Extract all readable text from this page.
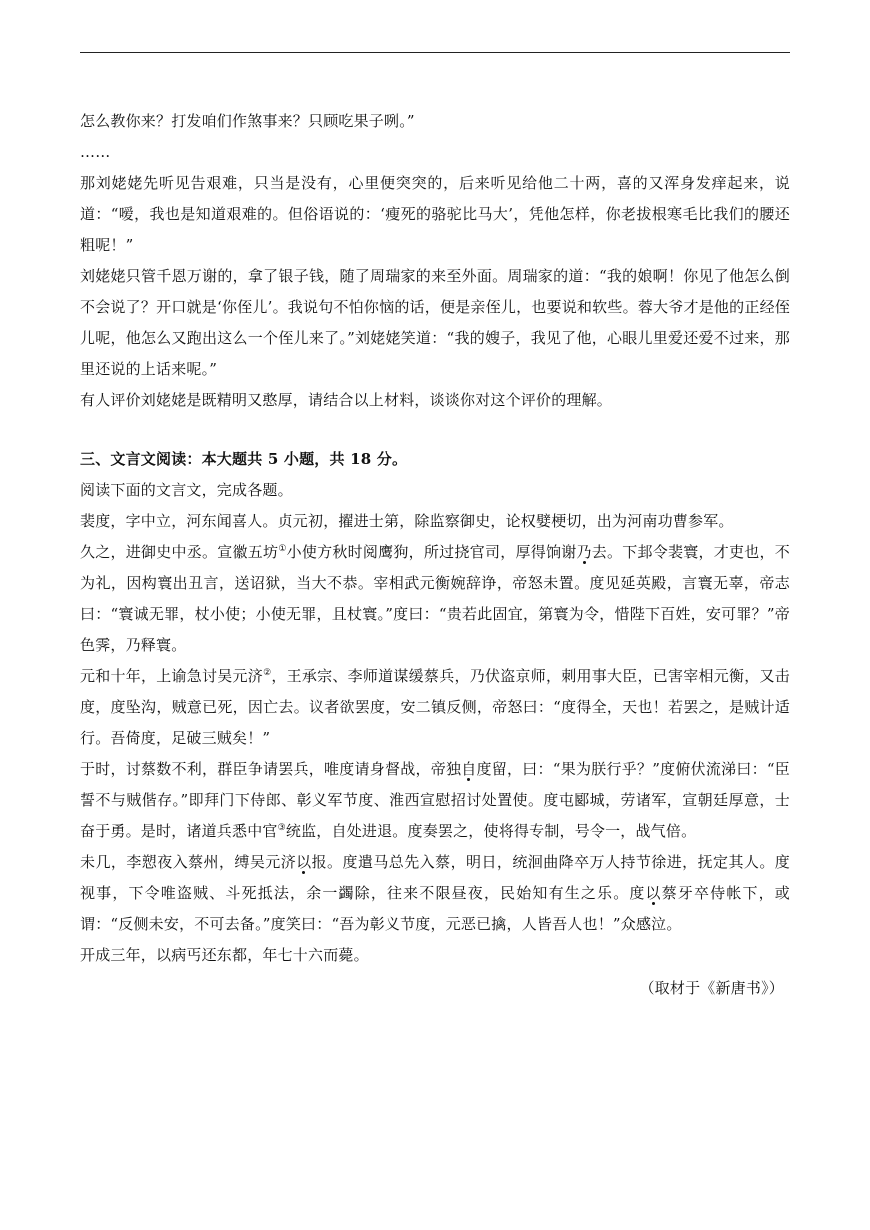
怎么教你来？打发咱们作煞事来？只顾吃果子咧。”

……

那刘姥姥先听见告艰难，只当是没有，心里便突突的，后来听见给他二十两，喜的又浑身发痒起来，说道：“嗳，我也是知道艰难的。但俗语说的：‘瘦死的骆驼比马大’，凭他怎样，你老拔根寒毛比我们的腰还粗呢！”

刘姥姥只管千恩万谢的，拿了银子钱，随了周瑞家的来至外面。周瑞家的道：“我的娘啊！你见了他怎么倒不会说了？开口就是‘你侄儿’。我说句不怕你恼的话，便是亲侄儿，也要说和软些。蓉大爷才是他的正经侄儿呢，他怎么又跑出这么一个侄儿来了。”刘姥姥笑道：“我的嫂子，我见了他，心眼儿里爱还爱不过来，那里还说的上话来呢。”

有人评价刘姥姥是既精明又憨厚，请结合以上材料，谈谈你对这个评价的理解。

三、文言文阅读：本大题共 5 小题，共 18 分。

阅读下面的文言文，完成各题。

裴度，字中立，河东闻喜人。贞元初，擢进士第，除监察御史，论权嬖梗切，出为河南功曹参军。

久之，进御史中丞。宣徽五坊①小使方秋时阅鹰狗，所过挠官司，厚得饷谢乃去。下邽令裴寰，才吏也，不为礼，因构寰出丑言，送诏狱，当大不恭。宰相武元衡婉辞诤，帝怒未置。度见延英殿，言寰无辜，帝志曰：“寰诚无罪，杖小使；小使无罪，且杖寰。”度曰：“贵若此固宜，第寰为令，惜陛下百姓，安可罪？”帝色霁，乃释寰。

元和十年，上谕急讨吴元济②，王承宗、李师道谋缓蔡兵，乃伏盗京师，刺用事大臣，已害宰相元衡，又击度，度坠沟，贼意已死，因亡去。议者欲罢度，安二镇反侧，帝怒曰：“度得全，天也！若罢之，是贼计适行。吾倚度，足破三贼矣！”

于时，讨蔡数不利，群臣争请罢兵，唯度请身督战，帝独自度留，曰：“果为朕行乎？”度俯伏流涕曰：“臣誓不与贼偕存。”即拜门下侍郎、彰义军节度、淮西宣慰招讨处置使。度屯郾城，劳诸军，宣朝廷厚意，士奋于勇。是时，诸道兵悉中官③统监，自处进退。度奏罢之，使将得专制，号令一，战气倍。

未几，李愬夜入蔡州，缚吴元济以报。度遣马总先入蔡，明日，统洄曲降卒万人持节徐进，抚定其人。度视事，下令唯盗贼、斗死抵法，余一蠲除，往来不限昼夜，民始知有生之乐。度以蔡牙卒侍帐下，或谓：“反侧未安，不可去备。”度笑曰：“吾为彰义节度，元恶已擒，人皆吾人也！”众感泣。

开成三年，以病丐还东都，年七十六而薨。

（取材于《新唐书》）
